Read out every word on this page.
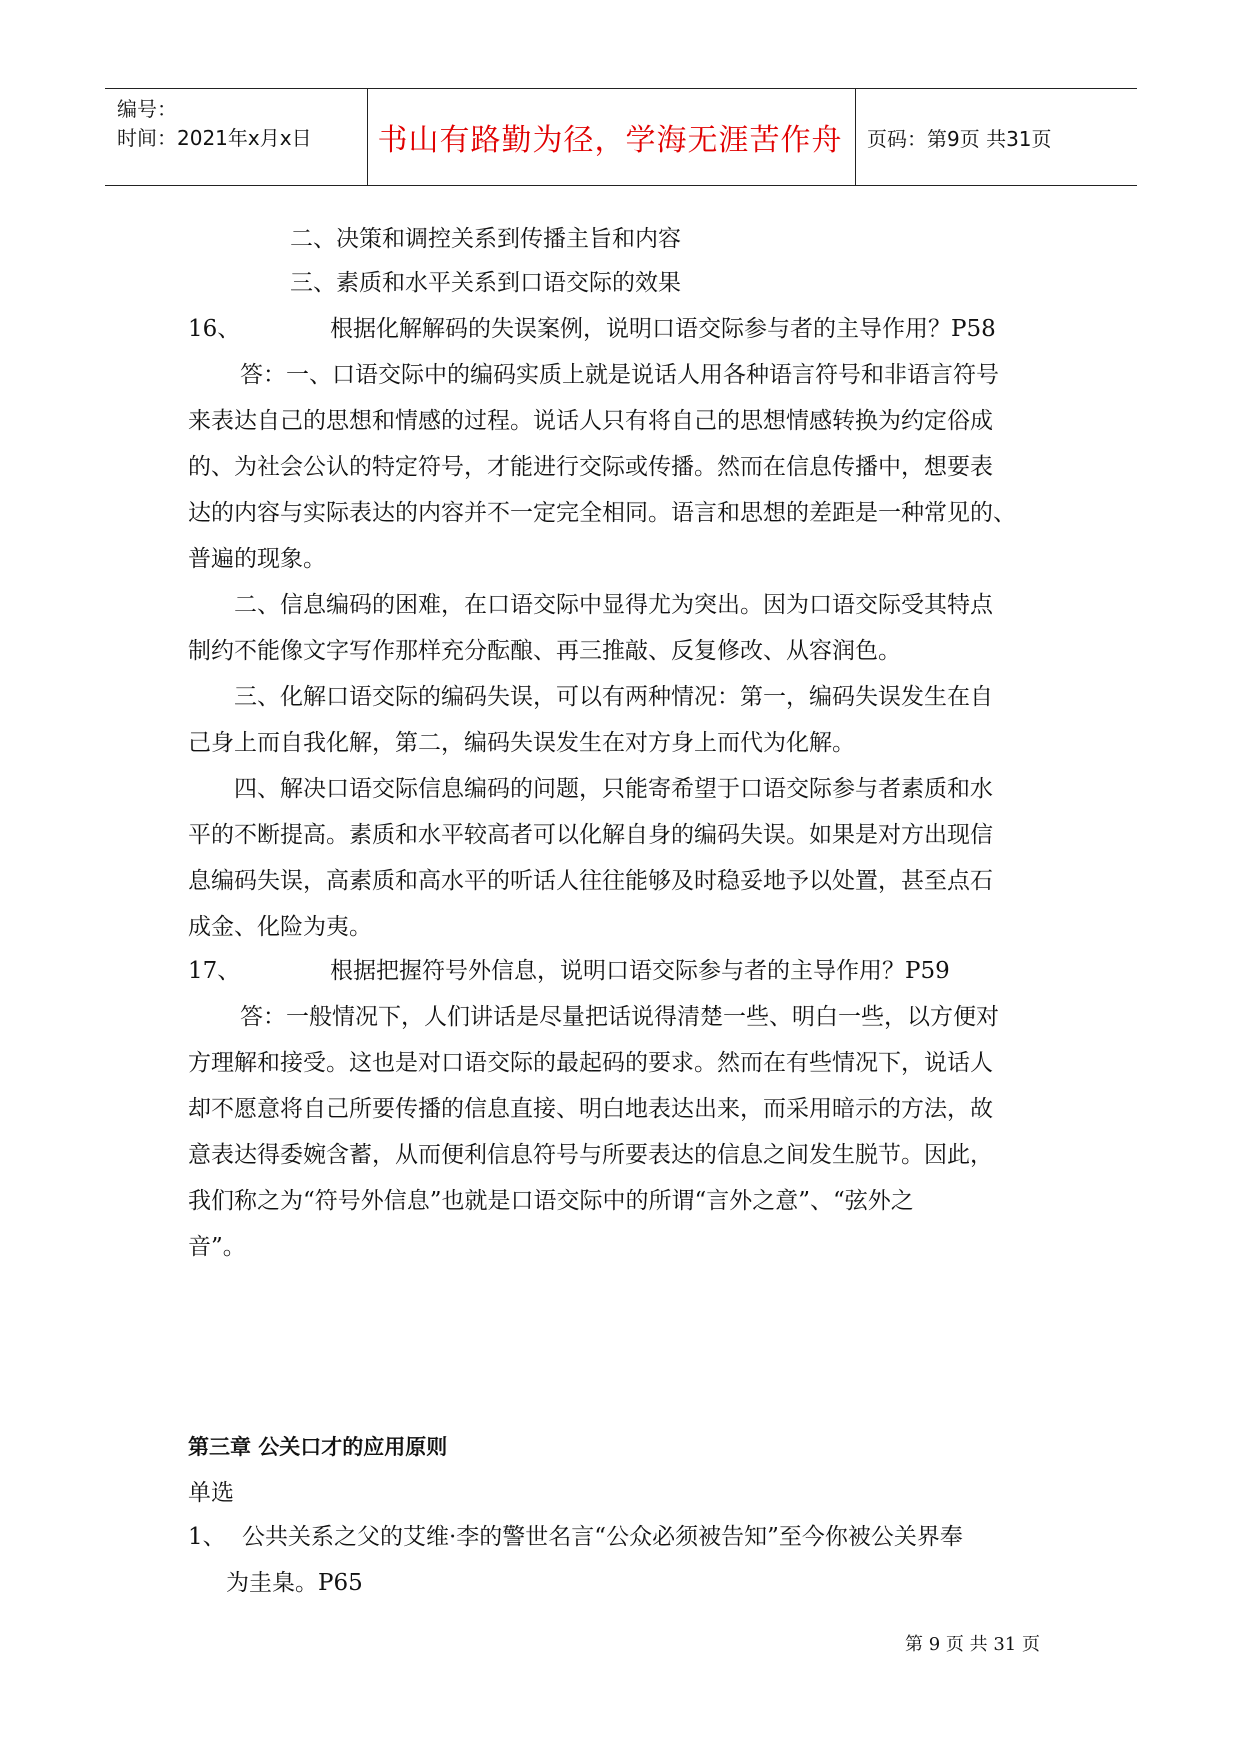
编号：
时间：2021年x月x日	书山有路勤为径，学海无涯苦作舟	页码：第9页 共31页
二、决策和调控关系到传播主旨和内容
三、素质和水平关系到口语交际的效果
16、	根据化解解码的失误案例，说明口语交际参与者的主导作用？P58
答：一、口语交际中的编码实质上就是说话人用各种语言符号和非语言符号
来表达自己的思想和情感的过程。说话人只有将自己的思想情感转换为约定俗成
的、为社会公认的特定符号，才能进行交际或传播。然而在信息传播中，想要表
达的内容与实际表达的内容并不一定完全相同。语言和思想的差距是一种常见的、
普遍的现象。
二、信息编码的困难，在口语交际中显得尤为突出。因为口语交际受其特点
制约不能像文字写作那样充分酝酿、再三推敲、反复修改、从容润色。
三、化解口语交际的编码失误，可以有两种情况：第一，编码失误发生在自
己身上而自我化解，第二，编码失误发生在对方身上而代为化解。
四、解决口语交际信息编码的问题，只能寄希望于口语交际参与者素质和水
平的不断提高。素质和水平较高者可以化解自身的编码失误。如果是对方出现信
息编码失误，高素质和高水平的听话人往往能够及时稳妥地予以处置，甚至点石
成金、化险为夷。
17、	根据把握符号外信息，说明口语交际参与者的主导作用？P59
答：一般情况下，人们讲话是尽量把话说得清楚一些、明白一些，以方便对
方理解和接受。这也是对口语交际的最起码的要求。然而在有些情况下，说话人
却不愿意将自己所要传播的信息直接、明白地表达出来，而采用暗示的方法，故
意表达得委婉含蓄，从而便利信息符号与所要表达的信息之间发生脱节。因此，
我们称之为“符号外信息”也就是口语交际中的所谓“言外之意”、“弦外之
音”。
第三章 公关口才的应用原则
单选
1、 公共关系之父的艾维·李的警世名言“公众必须被告知”至今你被公关界奉
为圭臬。P65
第 9 页 共 31 页
